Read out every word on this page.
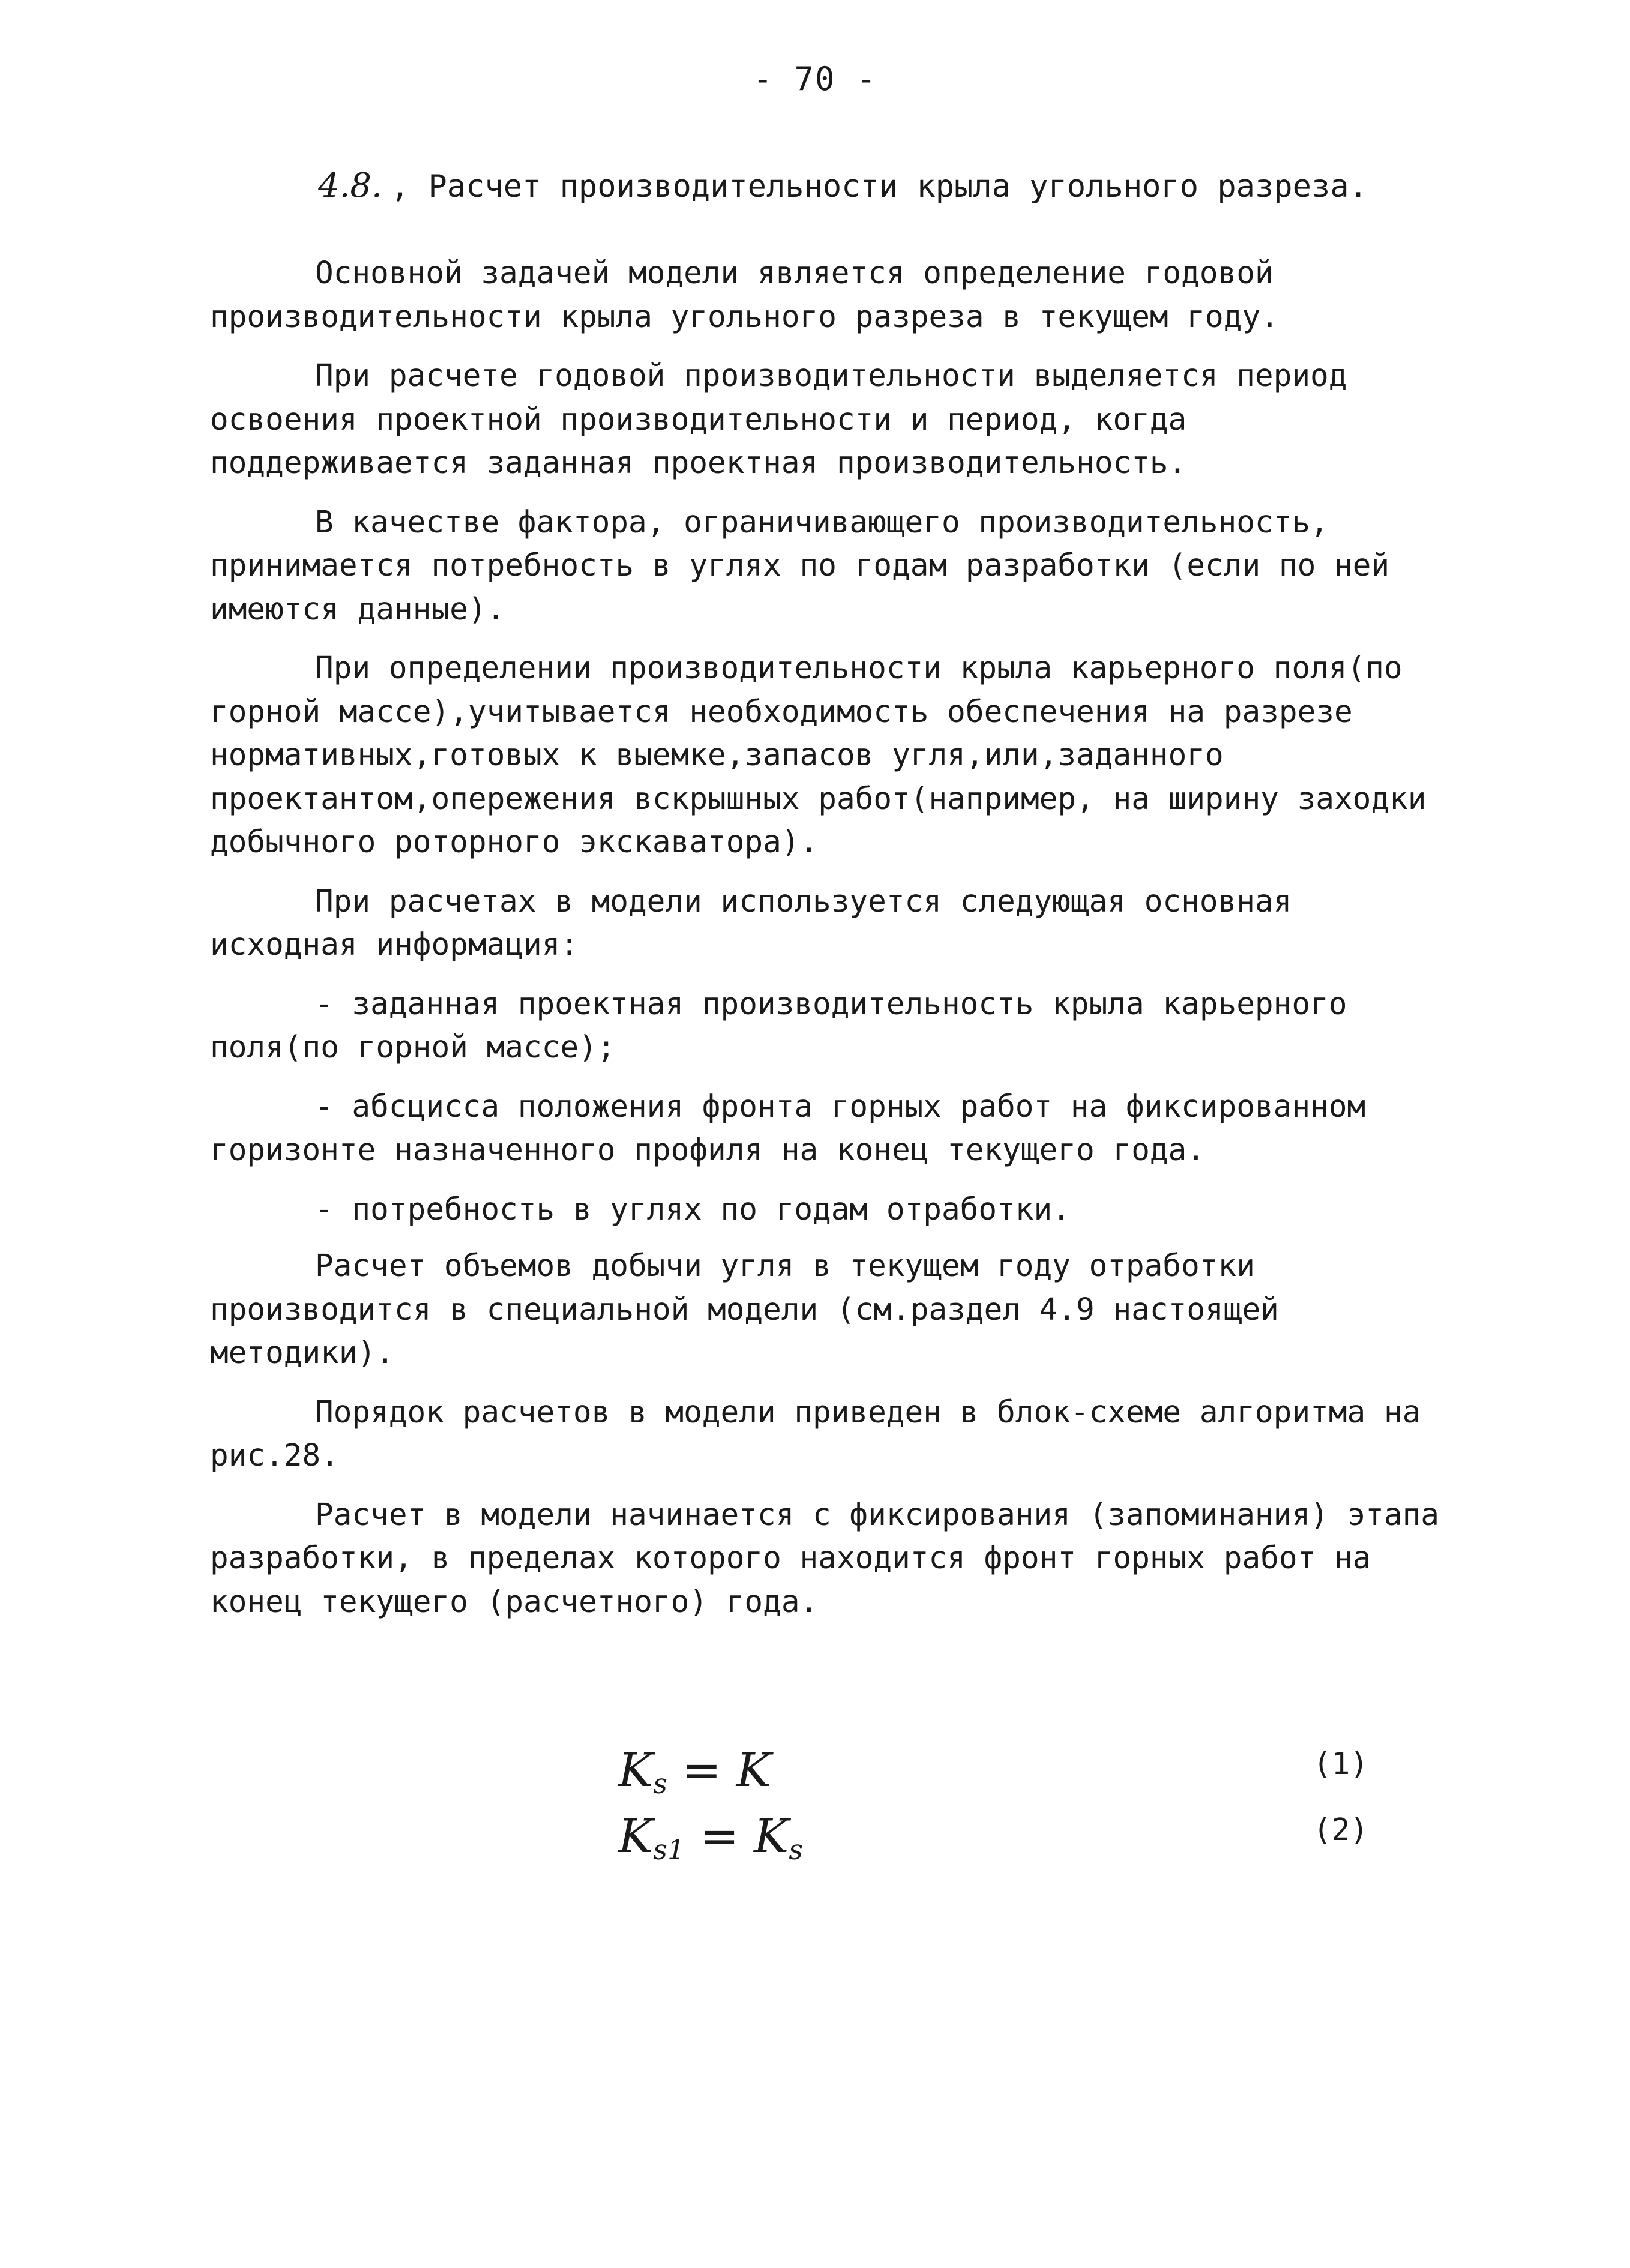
- 70 -
4.8. , Расчет производительности крыла угольного разреза.

Основной задачей модели является определение годовой производительности крыла угольного разреза в текущем году.

При расчете годовой производительности выделяется период освоения проектной производительности и период, когда поддерживается заданная проектная производительность.

В качестве фактора, ограничивающего производительность, принимается потребность в углях по годам разработки (если по ней имеются данные).

При определении производительности крыла карьерного поля(по горной массе),учитывается необходимость обеспечения на разрезе нормативных,готовых к выемке,запасов угля,или,заданного проектантом,опережения вскрышных работ(например, на ширину заходки добычного роторного экскаватора).

При расчетах в модели используется следующая основная исходная информация:

- заданная проектная производительность крыла карьерного поля(по горной массе);

- абсцисса положения фронта горных работ на фиксированном горизонте назначенного профиля на конец текущего года.

- потребность в углях по годам отработки.

Расчет объемов добычи угля в текущем году отработки производится в специальной модели (см.раздел 4.9 настоящей методики).

Порядок расчетов в модели приведен в блок-схеме алгоритма на рис.28.

Расчет в модели начинается с фиксирования (запоминания) этапа разработки, в пределах которого находится фронт горных работ на конец текущего (расчетного) года.

$K_s = K$	(1)
$K_{s1} = K_s$
(2)
